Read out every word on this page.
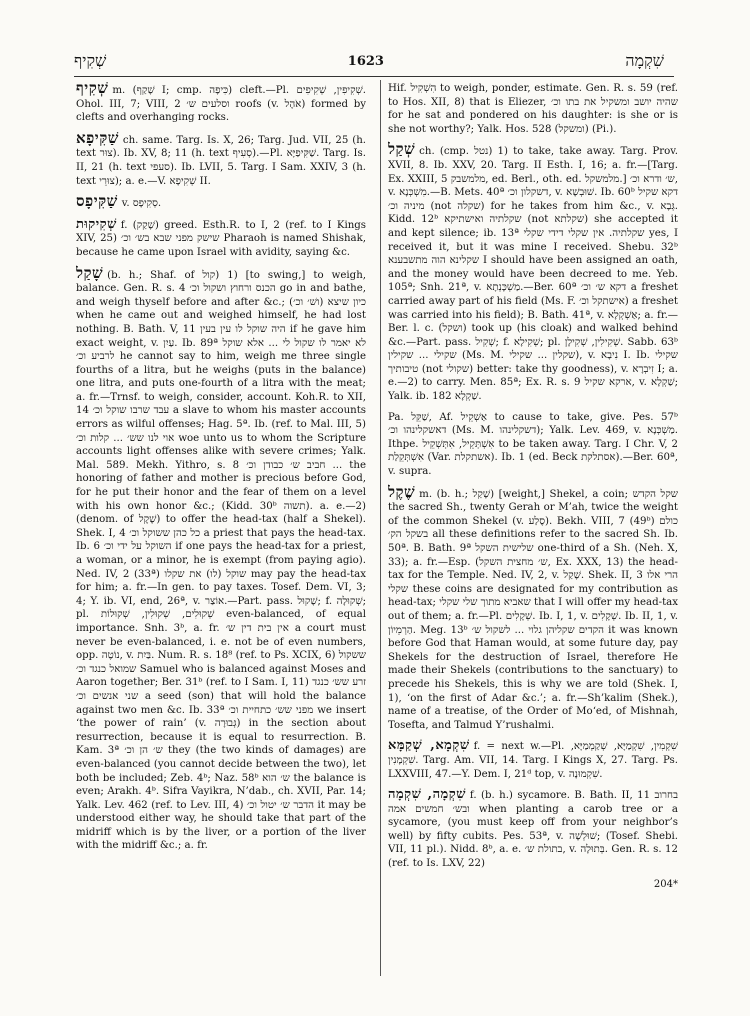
שְׁקִיף	1623	שִׁקְמָה
שְׁקִיף m. (שָׁקַף I; cmp. כִּיפָה) cleft.—Pl. שְׁקִיפִין, שְׁקִיפִים. Ohol. III, 7; VIII, 2 וסלעים ש׳ roofs (v. אֹהֶל) formed by clefts and overhanging rocks.
שַׁקִּיפָא ch. same. Targ. Is. X, 26; Targ. Jud. VII, 25 (h. text צוּר). Ib. XV, 8; 11 (h. text סְעִיף).—Pl. שַׁקִּיפַיָּא. Targ. Is. II, 21 (h. text סעפי). Ib. LVII, 5. Targ. I Sam. XXIV, 3 (h. text צוּרֵי); a. e.—V. שְׁקִיפָא II.
שַׁקִּיפָס v. סְקִיפָס.
שְׁקִיקוּת f. (שָׁקַק) greed. Esth.R. to I, 2 (ref. to I Kings XIV, 25) שישק מפני שבא בש׳ וכ׳ Pharaoh is named Shishak, because he came upon Israel with avidity, saying &c.
שָׁקַל (b. h.; Shaf. of קול) 1) [to swing,] to weigh, balance. Gen. R. s. 4 הכנס ורחוץ ושקול וכ׳ go in and bathe, and weigh thyself before and after &c.; כיון שיצא (ושׁ׳ וכ׳) when he came out and weighed himself, he had lost nothing. B. Bath. V, 11 היה שוקל לו עין בעין if he gave him exact weight, v. עַיִן. Ib. 89ª לא יאמר לו שקול לי ... אלא שוקל לרביע וכ׳ he cannot say to him, weigh me three single fourths of a litra, but he weighs (puts in the balance) one litra, and puts one-fourth of a litra with the meat; a. fr.—Trnsf. to weigh, consider, account. Koh.R. to XII, 14 עבד שרבו שוקל וכ׳ a slave to whom his master accounts errors as wilful offenses; Hag. 5ª. Ib. (ref. to Mal. III, 5) אוי לנו שש׳ ... קלות וכ׳ woe unto us to whom the Scripture accounts light offenses alike with severe crimes; Yalk. Mal. 589. Mekh. Yithro, s. 8 חביב ש׳ כבודן וכ׳ ... the honoring of father and mother is precious before God, for he put their honor and the fear of them on a level with his own honor &c.; (Kidd. 30ᵇ תשוה). a. e.—2) (denom. of שֶׁקֶל) to offer the head-tax (half a Shekel). Shek. I, 4 כל כהן ששוקל וכ׳ a priest that pays the head-tax. Ib. 6 השוקל על ידי וכ׳ if one pays the head-tax for a priest, a woman, or a minor, he is exempt (from paying agio). Ned. IV, 2 (33ª) שוקל (לו) את שקלו may pay the head-tax for him; a. fr.—In gen. to pay taxes. Tosef. Dem. VI, 3; 4; Y. ib. VI, end, 26ª, v. אוֹצַר.—Part. pass. שָׁקוּל; f. שְׁקוּלָה; pl. שְׁקוּלִים, שְׁקוּלִין, שְׁקוּלוֹת even-balanced, of equal importance. Snh. 3ᵇ, a. fr. אין בית דין ש׳ a court must never be even-balanced, i. e. not be of even numbers, opp. נוֹטֶה, v. בַּיִת. Num. R. s. 18⁸ (ref. to Ps. XCIX, 6) ששקול שמואל כנגד וכ׳ Samuel who is balanced against Moses and Aaron together; Ber. 31ᵇ (ref. to I Sam. I, 11) זרע שש׳ כנגד שני אנשים וכ׳ a seed (son) that will hold the balance against two men &c. Ib. 33ª מפני שש׳ כתחיית וכ׳ we insert ‘the power of rain’ (v. גְּבוּרָה) in the section about resurrection, because it is equal to resurrection. B. Kam. 3ª ש׳ הן וכ׳ they (the two kinds of damages) are even-balanced (you cannot decide between the two), let both be included; Zeb. 4ᵇ; Naz. 58ᵇ ש׳ הוא the balance is even; Arakh. 4ᵇ. Sifra Vayikra, N’dab., ch. XVII, Par. 14; Yalk. Lev. 462 (ref. to Lev. III, 4) הדבר ש׳ יטול וכ׳ it may be understood either way, he should take that part of the midriff which is by the liver, or a portion of the liver with the midriff &c.; a. fr.
Hif. הִשְׁקִיל to weigh, ponder, estimate. Gen. R. s. 59 (ref. to Hos. XII, 8) that is Eliezer, שהיה יושב ומשקיל את בתו וכ׳ for he sat and pondered on his daughter: is she or is she not worthy?; Yalk. Hos. 528 (ומשקל) (Pi.).
שְׁקַל ch. (cmp. נטל) 1) to take, take away. Targ. Prov. XVII, 8. Ib. XXV, 20. Targ. II Esth. I, 16; a. fr.—[Targ. Ex. XXIII, 5 מלמשבק, ed. Berl., oth. ed. מלמשקל.] ש׳ ודרא וכ׳, v. מִשְׁכְּנָא.—B. Mets. 40ª דשקלון וכ׳, v. שׁוּבְשָׁא. Ib. 60ᵇ דקא שקיל מיניה וכ׳ (not שקלה) for he takes from him &c., v. גְּבָא. Kidd. 12ᵇ שקלתיה ואישתיקא (not שקלתא) she accepted it and kept silence; ib. 13ª שקלתיה. אין שקלי דידי שקלי yes, I received it, but it was mine I received. Shebu. 32ᵇ שקלינא הוה מתשבענא I should have been assigned an oath, and the money would have been decreed to me. Yeb. 105ª; Snh. 21ª, v. מַשְׁכָּנְתָא.—Ber. 60ª דקא ש׳ וכ׳ a freshet carried away part of his field (Ms. F. אישתקל וכ׳) a freshet was carried into his field); B. Bath. 41ª, v. אַשְׁקְלָא; a. fr.—Ber. l. c. (ושקל) took up (his cloak) and walked behind &c.—Part. pass. שְׁקִיל; f. שְׁקִילָא; pl. שְׁקִילִין, שְׁקִילָן. Sabb. 63ᵇ שקילי ... שקילין (Ms. M. שקלין ... שקילי), v. נִיבָא I. Ib. שקילי טיבותיך (not שקולי) better: take thy goodness), v. זִיבְרָא I; a. e.—2) to carry. Men. 85ª; Ex. R. s. 9 ארקא שקיל, v. שַׁקְלָא; Yalk. ib. 182 שַׁקְלָא.
Pa. שַׁקֵּל, Af. אַשְׁקֵיל to cause to take, give. Pes. 57ᵇ דאשקלינהו וכ׳ (Ms. M. דשקלינהו); Yalk. Lev. 469, v. מַשְׁכְּנָא. Ithpe. אִשְׁתְּקֵיל, אִתְּשְׁקֵיל to be taken away. Targ. I Chr. V, 2 אִשְׁתְּקֵלַת (Var. אשתקלת). Ib. 1 (ed. Beck אסתלקת).—Ber. 60ª, v. supra.
שֶׁקֶל m. (b. h.; שָׁקַל) [weight,] Shekel, a coin; שקל הקדש the sacred Sh., twenty Gerah or M’ah, twice the weight of the common Shekel (v. סֶלַע). Bekh. VIII, 7 (49ᵇ) כולם בשקל הק׳ all these definitions refer to the sacred Sh. Ib. 50ª. B. Bath. 9ª שלישית השקל one-third of a Sh. (Neh. X, 33); a. fr.—Esp. (ש׳ מחצית השקל, Ex. XXX, 13) the head-tax for the Temple. Ned. IV, 2, v. שָׁקַל. Shek. II, 3 הרי אלו שקלי these coins are designated for my contribution as head-tax; שאביא מתוך שלי שקלי that I will offer my head-tax out of them; a. fr.—Pl. שְׁקָלִים. Ib. I, 1, v. שְׁקָלִים. Ib. II, 1, v. הַרְמֵיוֹן. Meg. 13ᵇ הקדים שקליהן גלוי ... לשקול ש׳ it was known before God that Haman would, at some future day, pay Shekels for the destruction of Israel, therefore He made their Shekels (contributions to the sanctuary) to precede his Shekels, this is why we are told (Shek. I, 1), ‘on the first of Adar &c.’; a. fr.—Sh’kalim (Shek.), name of a treatise, of the Order of Mo‘ed, of Mishnah, Tosefta, and Talmud Y’rushalmi.
שִׁקְמָא, שְׁקַמָּא f. = next w.—Pl. שִׁקְמִין, שִׁקְמַיָּא, שְׁקַמְמַיָּא, שִׁקְמָנִין. Targ. Am. VII, 14. Targ. I Kings X, 27. Targ. Ps. LXXVIII, 47.—Y. Dem. I, 21ᵈ top, v. שִׁקְמוּנָה.
שִׁקְמָה, שִׁקְמָה f. (b. h.) sycamore. B. Bath. II, 11 בחרוב ובש׳ חמשים אמה when planting a carob tree or a sycamore, (you must keep off from your neighbor’s well) by fifty cubits. Pes. 53ª, v. שׁוּלְשָׁה; (Tosef. Shebi. VII, 11 pl.). Nidd. 8ᵇ, a. e. בתולת ש׳, v. בְּתוּלָה. Gen. R. s. 12 (ref. to Is. LXV, 22)
204*
